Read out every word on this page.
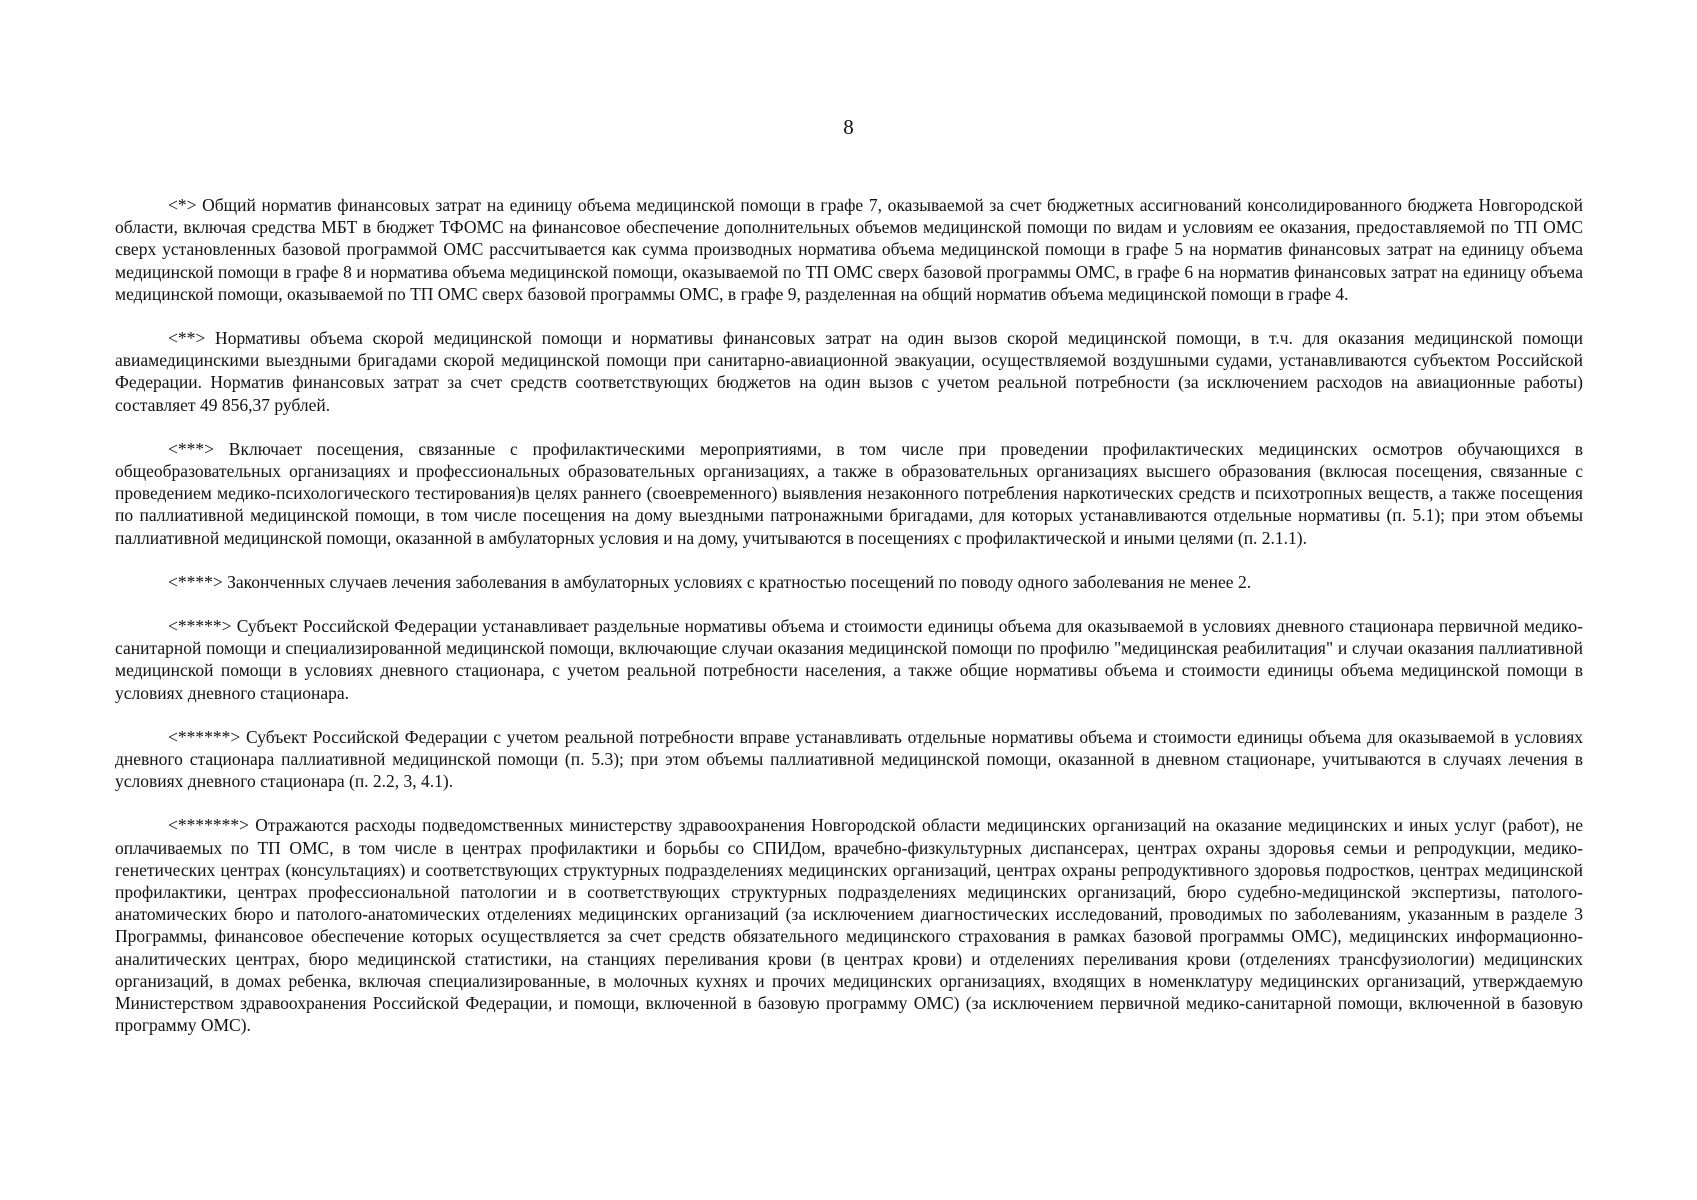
8

<*> Общий норматив финансовых затрат на единицу объема медицинской помощи в графе 7, оказываемой за счет бюджетных ассигнований консолидированного бюджета Новгородской области, включая средства МБТ в бюджет ТФОМС на финансовое обеспечение дополнительных объемов медицинской помощи по видам и условиям ее оказания, предоставляемой по ТП ОМС сверх установленных базовой программой ОМС рассчитывается как сумма производных норматива объема медицинской помощи в графе 5 на норматив финансовых затрат на единицу объема медицинской помощи в графе 8 и норматива объема медицинской помощи, оказываемой по ТП ОМС сверх базовой программы ОМС, в графе 6 на норматив финансовых затрат на единицу объема медицинской помощи, оказываемой по ТП ОМС сверх базовой программы ОМС, в графе 9, разделенная на общий норматив объема медицинской помощи в графе 4.

<**> Нормативы объема скорой медицинской помощи и нормативы финансовых затрат на один вызов скорой медицинской помощи, в т.ч. для оказания медицинской помощи авиамедицинскими выездными бригадами скорой медицинской помощи при санитарно-авиационной эвакуации, осуществляемой воздушными судами, устанавливаются субъектом Российской Федерации. Норматив финансовых затрат за счет средств соответствующих бюджетов на один вызов с учетом реальной потребности (за исключением расходов на авиационные работы) составляет 49 856,37 рублей.

<***> Включает посещения, связанные с профилактическими мероприятиями, в том числе при проведении профилактических медицинских осмотров обучающихся в общеобразовательных организациях и профессиональных образовательных организациях, а также в образовательных организациях высшего образования (вклюсая посещения, связанные с проведением медико-психологического тестирования)в целях раннего (своевременного) выявления незаконного потребления наркотических средств и психотропных веществ, а также посещения по паллиативной медицинской помощи, в том числе посещения на дому выездными патронажными бригадами, для которых устанавливаются отдельные нормативы (п. 5.1); при этом объемы паллиативной медицинской помощи, оказанной в амбулаторных условия и на дому, учитываются в посещениях с профилактической и иными целями (п. 2.1.1).

<****> Законченных случаев лечения заболевания в амбулаторных условиях с кратностью посещений по поводу одного заболевания не менее 2.

<*****> Субъект Российской Федерации устанавливает раздельные нормативы объема и стоимости единицы объема для оказываемой в условиях дневного стационара первичной медико-санитарной помощи и специализированной медицинской помощи, включающие случаи оказания медицинской помощи по профилю "медицинская реабилитация" и случаи оказания паллиативной медицинской помощи в условиях дневного стационара, с учетом реальной потребности населения, а также общие нормативы объема и стоимости единицы объема медицинской помощи в условиях дневного стационара.

<******> Субъект Российской Федерации с учетом реальной потребности вправе устанавливать отдельные нормативы объема и стоимости единицы объема для оказываемой в условиях дневного стационара паллиативной медицинской помощи (п. 5.3); при этом объемы паллиативной медицинской помощи, оказанной в дневном стационаре, учитываются в случаях лечения в условиях дневного стационара (п. 2.2, 3, 4.1).

<*******> Отражаются расходы подведомственных министерству здравоохранения Новгородской области медицинских организаций на оказание медицинских и иных услуг (работ), не оплачиваемых по ТП ОМС, в том числе в центрах профилактики и борьбы со СПИДом, врачебно-физкультурных диспансерах, центрах охраны здоровья семьи и репродукции, медико-генетических центрах (консультациях) и соответствующих структурных подразделениях медицинских организаций, центрах охраны репродуктивного здоровья подростков, центрах медицинской профилактики, центрах профессиональной патологии и в соответствующих структурных подразделениях медицинских организаций, бюро судебно-медицинской экспертизы, патолого-анатомических бюро и патолого-анатомических отделениях медицинских организаций (за исключением диагностических исследований, проводимых по заболеваниям, указанным в разделе 3 Программы, финансовое обеспечение которых осуществляется за счет средств обязательного медицинского страхования в рамках базовой программы ОМС), медицинских информационно-аналитических центрах, бюро медицинской статистики, на станциях переливания крови (в центрах крови) и отделениях переливания крови (отделениях трансфузиологии) медицинских организаций, в домах ребенка, включая специализированные, в молочных кухнях и прочих медицинских организациях, входящих в номенклатуру медицинских организаций, утверждаемую Министерством здравоохранения Российской Федерации, и помощи, включенной в базовую программу ОМС) (за исключением первичной медико-санитарной помощи, включенной в базовую программу ОМС).
